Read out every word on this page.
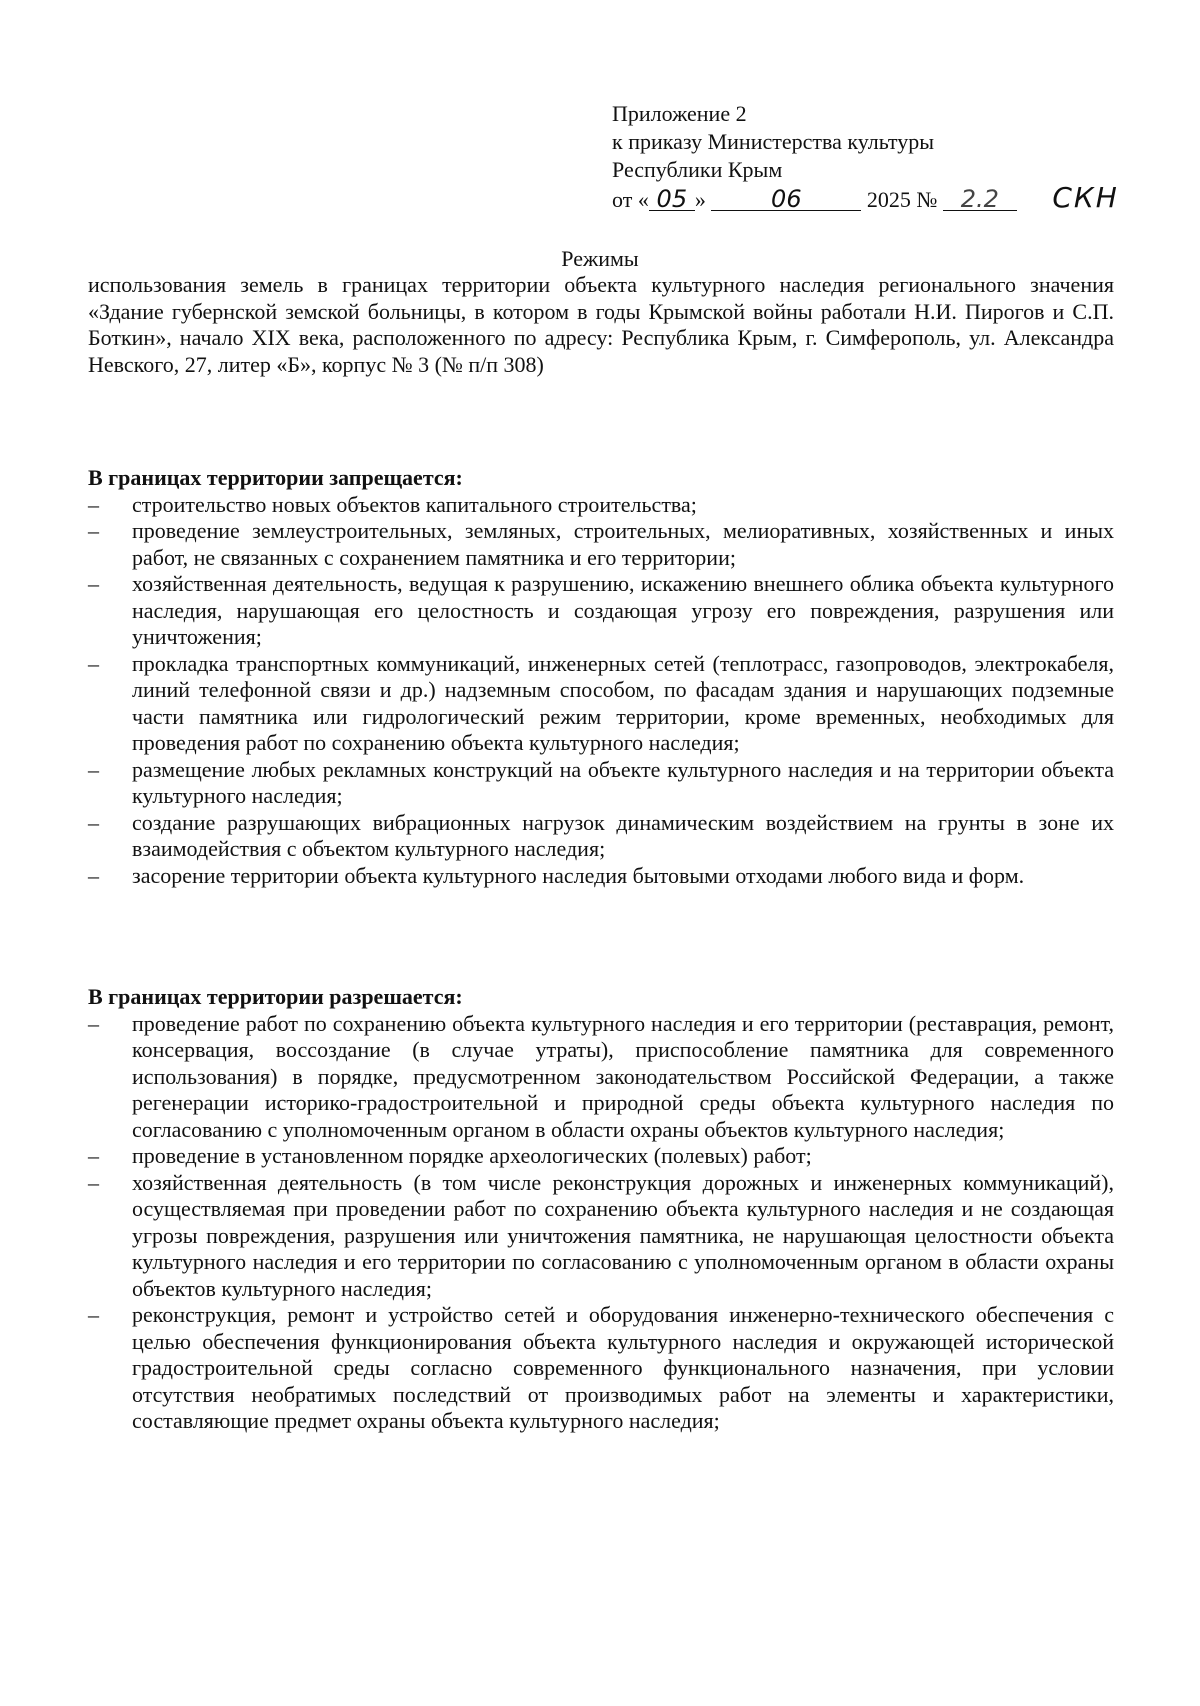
Приложение 2
к приказу Министерства культуры
Республики Крым
от « 05 »	06	2025 № 2.2 СКН
Режимы
использования земель в границах территории объекта культурного наследия регионального значения «Здание губернской земской больницы, в котором в годы Крымской войны работали Н.И. Пирогов и С.П. Боткин», начало XIX века, расположенного по адресу: Республика Крым, г. Симферополь, ул. Александра Невского, 27, литер «Б», корпус № 3 (№ п/п 308)

В границах территории запрещается:

– строительство новых объектов капитального строительства;
– проведение землеустроительных, земляных, строительных, мелиоративных, хозяйственных и иных работ, не связанных с сохранением памятника и его территории;
– хозяйственная деятельность, ведущая к разрушению, искажению внешнего облика объекта культурного наследия, нарушающая его целостность и создающая угрозу его повреждения, разрушения или уничтожения;
– прокладка транспортных коммуникаций, инженерных сетей (теплотрасс, газопроводов, электрокабеля, линий телефонной связи и др.) надземным способом, по фасадам здания и нарушающих подземные части памятника или гидрологический режим территории, кроме временных, необходимых для проведения работ по сохранению объекта культурного наследия;
– размещение любых рекламных конструкций на объекте культурного наследия и на территории объекта культурного наследия;
– создание разрушающих вибрационных нагрузок динамическим воздействием на грунты в зоне их взаимодействия с объектом культурного наследия;
– засорение территории объекта культурного наследия бытовыми отходами любого вида и форм.

В границах территории разрешается:

– проведение работ по сохранению объекта культурного наследия и его территории (реставрация, ремонт, консервация, воссоздание (в случае утраты), приспособление памятника для современного использования) в порядке, предусмотренном законодательством Российской Федерации, а также регенерации историко-градостроительной и природной среды объекта культурного наследия по согласованию с уполномоченным органом в области охраны объектов культурного наследия;
– проведение в установленном порядке археологических (полевых) работ;
– хозяйственная деятельность (в том числе реконструкция дорожных и инженерных коммуникаций), осуществляемая при проведении работ по сохранению объекта культурного наследия и не создающая угрозы повреждения, разрушения или уничтожения памятника, не нарушающая целостности объекта культурного наследия и его территории по согласованию с уполномоченным органом в области охраны объектов культурного наследия;
– реконструкция, ремонт и устройство сетей и оборудования инженерно-технического обеспечения с целью обеспечения функционирования объекта культурного наследия и окружающей исторической градостроительной среды согласно современного функционального назначения, при условии отсутствия необратимых последствий от производимых работ на элементы и характеристики, составляющие предмет охраны объекта культурного наследия;
